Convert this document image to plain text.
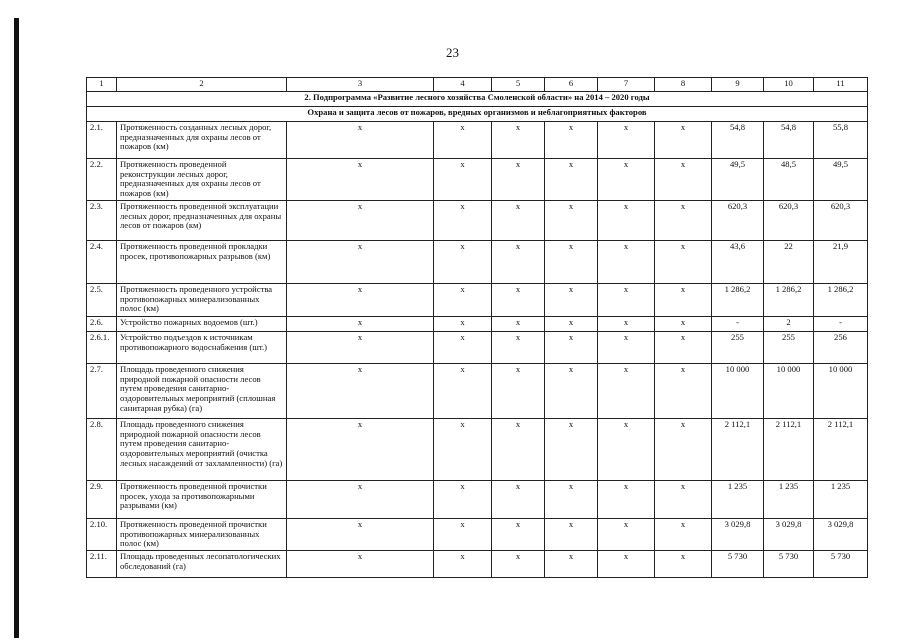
23
1	2	3	4	5	6	7	8	9	10	11
2. Подпрограмма «Развитие лесного хозяйства Смоленской области» на 2014 – 2020 годы										
Охрана и защита лесов от пожаров, вредных организмов и неблагоприятных факторов										
2.1.	Протяженность созданных лесных дорог, предназначенных для охраны лесов от пожаров (км)	х	х	х	х	х	х	54,8	54,8	55,8
2.2.	Протяженность проведенной реконструкции лесных дорог, предназначенных для охраны лесов от пожаров (км)	х	х	х	х	х	х	49,5	48,5	49,5
2.3.	Протяженность проведенной эксплуатации лесных дорог, предназначенных для охраны лесов от пожаров (км)	х	х	х	х	х	х	620,3	620,3	620,3
2.4.	Протяженность проведенной прокладки просек, противопожарных разрывов (км)	х	х	х	х	х	х	43,6	22	21,9
2.5.	Протяженность проведенного устройства противопожарных минерализованных полос (км)	х	х	х	х	х	х	1 286,2	1 286,2	1 286,2
2.6.	Устройство пожарных водоемов (шт.)	х	х	х	х	х	х	-	2	-
2.6.1.	Устройство подъездов к источникам противопожарного водоснабжения (шт.)	х	х	х	х	х	х	255	255	256
2.7.	Площадь проведенного снижения природной пожарной опасности лесов путем проведения санитарно-оздоровительных мероприятий (сплошная санитарная рубка) (га)	х	х	х	х	х	х	10 000	10 000	10 000
2.8.	Площадь проведенного снижения природной пожарной опасности лесов путем проведения санитарно-оздоровительных мероприятий (очистка лесных насаждений от захламленности) (га)	х	х	х	х	х	х	2 112,1	2 112,1	2 112,1
2.9.	Протяженность проведенной прочистки просек, ухода за противопожарными разрывами (км)	х	х	х	х	х	х	1 235	1 235	1 235
2.10.	Протяженность проведенной прочистки противопожарных минерализованных полос (км)	х	х	х	х	х	х	3 029,8	3 029,8	3 029,8
2.11.	Площадь проведенных лесопатологических обследований (га)	х	х	х	х	х	х	5 730	5 730	5 730
